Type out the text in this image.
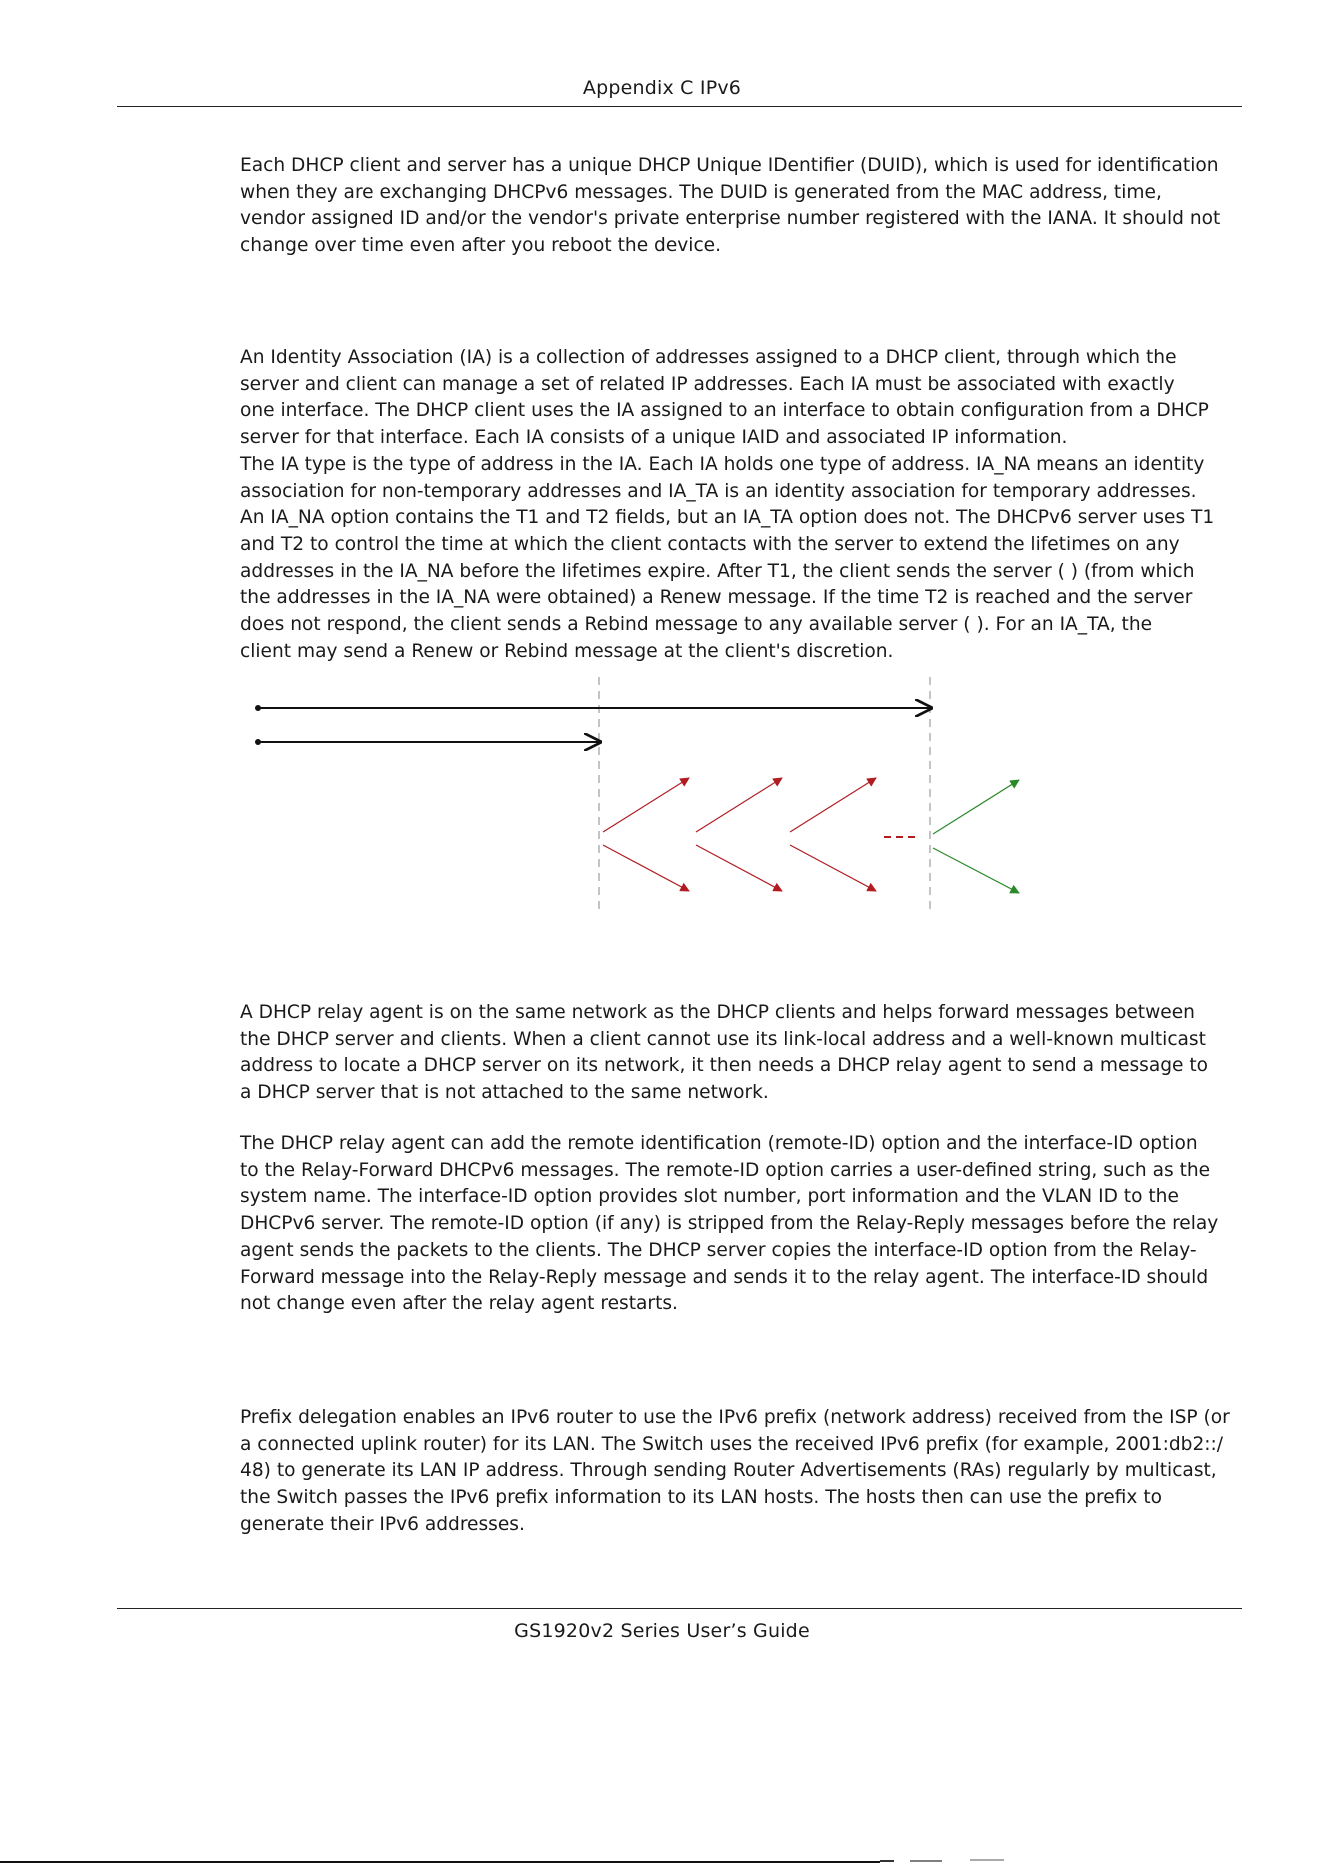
Appendix C IPv6
Each DHCP client and server has a unique DHCP Unique IDentifier (DUID), which is used for identification
when they are exchanging DHCPv6 messages. The DUID is generated from the MAC address, time,
vendor assigned ID and/or the vendor's private enterprise number registered with the IANA. It should not
change over time even after you reboot the device.
An Identity Association (IA) is a collection of addresses assigned to a DHCP client, through which the
server and client can manage a set of related IP addresses. Each IA must be associated with exactly
one interface. The DHCP client uses the IA assigned to an interface to obtain configuration from a DHCP
server for that interface. Each IA consists of a unique IAID and associated IP information.
The IA type is the type of address in the IA. Each IA holds one type of address. IA_NA means an identity
association for non-temporary addresses and IA_TA is an identity association for temporary addresses.
An IA_NA option contains the T1 and T2 fields, but an IA_TA option does not. The DHCPv6 server uses T1
and T2 to control the time at which the client contacts with the server to extend the lifetimes on any
addresses in the IA_NA before the lifetimes expire. After T1, the client sends the server ( ) (from which
the addresses in the IA_NA were obtained) a Renew message. If the time T2 is reached and the server
does not respond, the client sends a Rebind message to any available server ( ). For an IA_TA, the
client may send a Renew or Rebind message at the client's discretion.
A DHCP relay agent is on the same network as the DHCP clients and helps forward messages between
the DHCP server and clients. When a client cannot use its link-local address and a well-known multicast
address to locate a DHCP server on its network, it then needs a DHCP relay agent to send a message to
a DHCP server that is not attached to the same network.
The DHCP relay agent can add the remote identification (remote-ID) option and the interface-ID option
to the Relay-Forward DHCPv6 messages. The remote-ID option carries a user-defined string, such as the
system name. The interface-ID option provides slot number, port information and the VLAN ID to the
DHCPv6 server. The remote-ID option (if any) is stripped from the Relay-Reply messages before the relay
agent sends the packets to the clients. The DHCP server copies the interface-ID option from the Relay-
Forward message into the Relay-Reply message and sends it to the relay agent. The interface-ID should
not change even after the relay agent restarts.
Prefix delegation enables an IPv6 router to use the IPv6 prefix (network address) received from the ISP (or
a connected uplink router) for its LAN. The Switch uses the received IPv6 prefix (for example, 2001:db2::/
48) to generate its LAN IP address. Through sending Router Advertisements (RAs) regularly by multicast,
the Switch passes the IPv6 prefix information to its LAN hosts. The hosts then can use the prefix to
generate their IPv6 addresses.
GS1920v2 Series User’s Guide
